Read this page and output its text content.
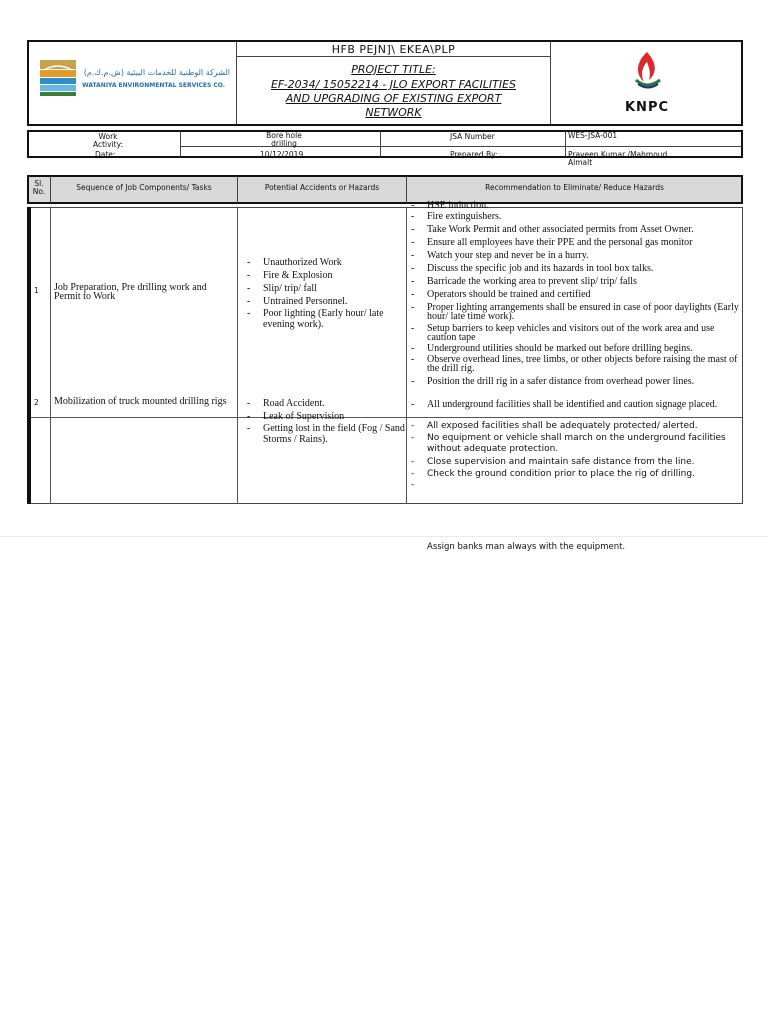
الشركة الوطنية للخدمات البيئية (ش.م.ك.م)
WATANIYA ENVIRONMENTAL SERVICES CO.
HFB PEJN]\ EKEA\PLP
PROJECT TITLE:
EF-2034/ 15052214 - JLO EXPORT FACILITIES
AND UPGRADING OF EXISTING EXPORT
NETWORK	KNPC
Work Activity:
Bore hole drilling
JSA Number	WES-JSA-001
Date:	10/12/2019	Prepared By:	Praveen Kumar /Mahmoud Almalt
Sl. No.	Sequence of Job Components/ Tasks	Potential Accidents or Hazards	Recommendation to Eliminate/ Reduce Hazards
1 Job Preparation, Pre drilling work and Permit to Work
- Unauthorized Work
- Fire & Explosion
- Slip/ trip/ fall
- Untrained Personnel.
- Poor lighting (Early hour/ late evening work).
- HSE induction.
- Fire extinguishers.
- Take Work Permit and other associated permits from Asset Owner.
- Ensure all employees have their PPE and the personal gas monitor
- Watch your step and never be in a hurry.
- Discuss the specific job and its hazards in tool box talks.
- Barricade the working area to prevent slip/ trip/ falls
- Operators should be trained and certified
- Proper lighting arrangements shall be ensured in case of poor daylights (Early hour/ late time work).
- Setup barriers to keep vehicles and visitors out of the work area and use caution tape
- Underground utilities should be marked out before drilling begins.
- Observe overhead lines, tree limbs, or other objects before raising the mast of the drill rig.
- Position the drill rig in a safer distance from overhead power lines.
2 Mobilization of truck mounted drilling rigs
-	Road Accident.
- Leak of Supervision
- Getting lost in the field (Fog / Sand Storms / Rains).
- All underground facilities shall be identified and caution signage placed.
- All exposed facilities shall be adequately protected/ alerted.
- No equipment or vehicle shall march on the underground facilities without adequate protection.
- Close supervision and maintain safe distance from the line.
- Check the ground condition prior to place the rig of drilling.
-
Assign banks man always with the equipment.
